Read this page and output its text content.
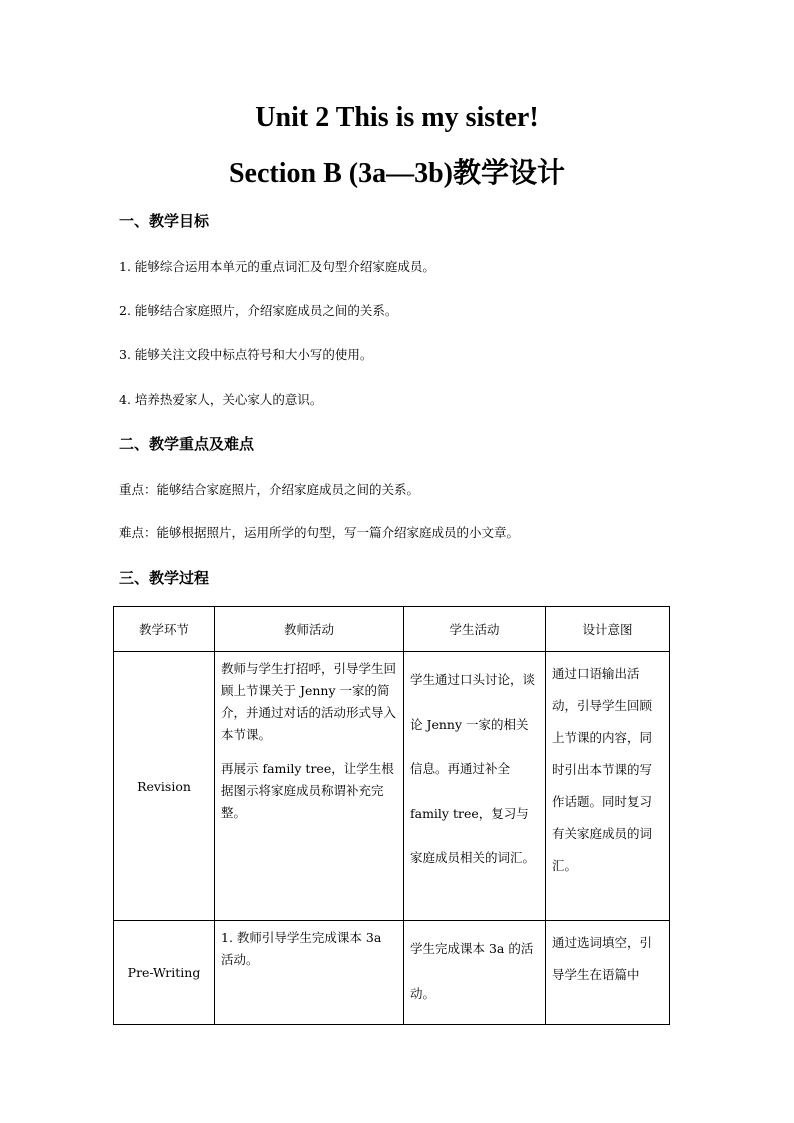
Unit 2 This is my sister!
Section B (3a—3b)教学设计
一、教学目标

1. 能够综合运用本单元的重点词汇及句型介绍家庭成员。

2. 能够结合家庭照片，介绍家庭成员之间的关系。

3. 能够关注文段中标点符号和大小写的使用。

4. 培养热爱家人，关心家人的意识。

二、教学重点及难点

重点：能够结合家庭照片，介绍家庭成员之间的关系。

难点：能够根据照片，运用所学的句型，写一篇介绍家庭成员的小文章。

三、教学过程
教学环节	教师活动	学生活动	设计意图
Revision	教师与学生打招呼，引导学生回顾上节课关于 Jenny 一家的简介，并通过对话的活动形式导入本节课。

再展示 family tree，让学生根据图示将家庭成员称谓补充完整。	学生通过口头讨论，谈论 Jenny 一家的相关信息。再通过补全 family tree，复习与家庭成员相关的词汇。	通过口语输出活动，引导学生回顾上节课的内容，同时引出本节课的写作话题。同时复习有关家庭成员的词汇。
Pre-Writing	1. 教师引导学生完成课本 3a 活动。	学生完成课本 3a 的活动。	通过选词填空，引导学生在语篇中
